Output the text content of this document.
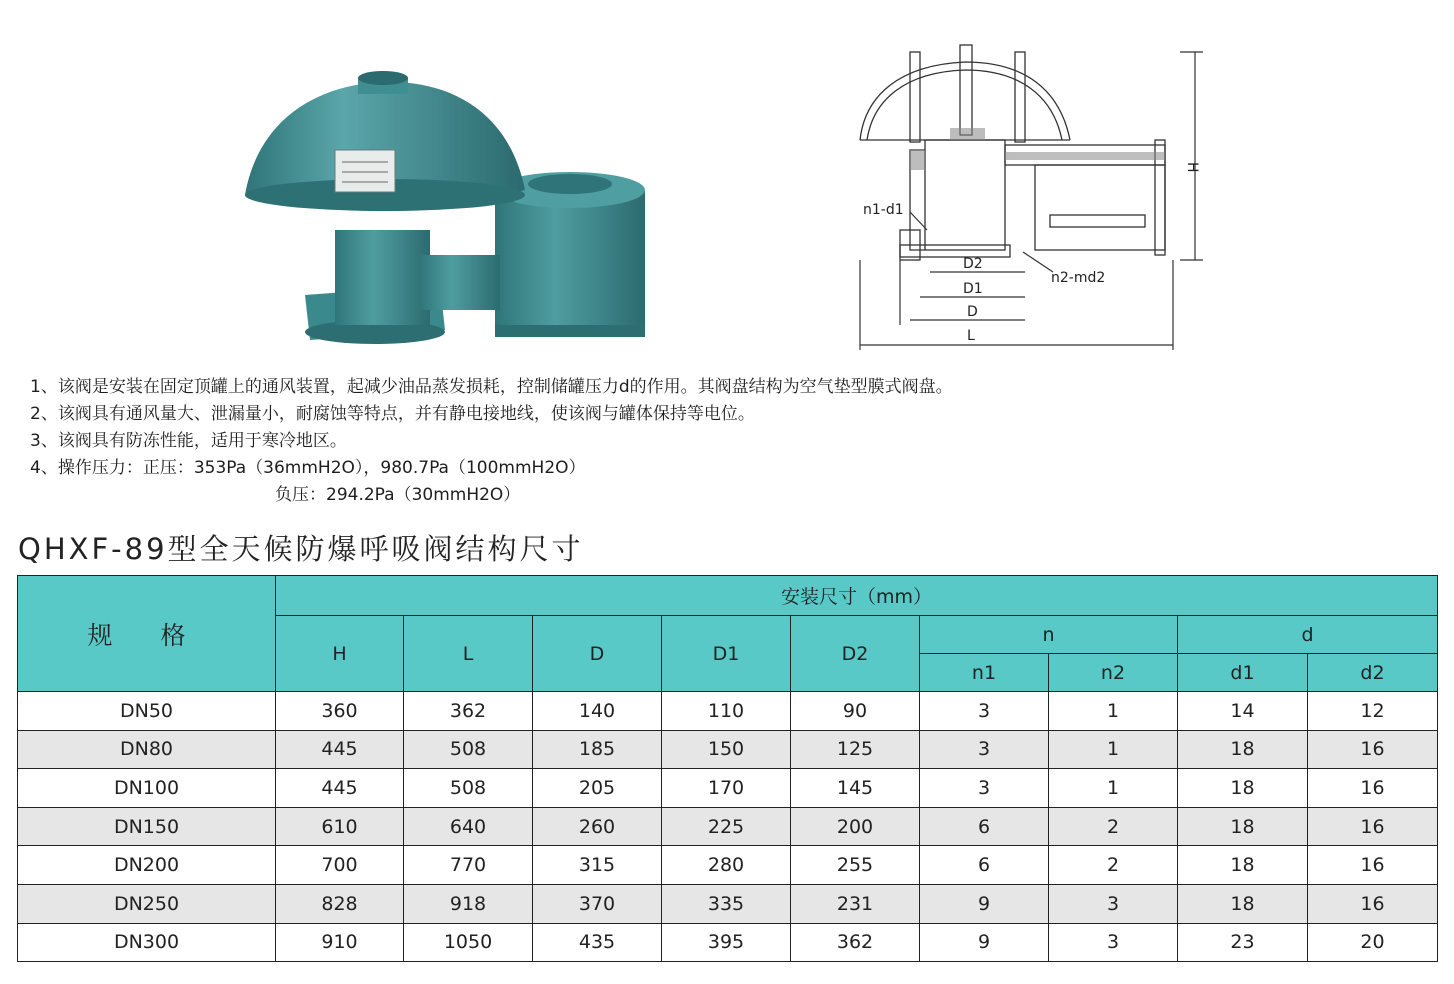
H
n1-d1
n2-md2
D2
D1
D
L
1、该阀是安装在固定顶罐上的通风装置，起减少油品蒸发损耗，控制储罐压力d的作用。其阀盘结构为空气垫型膜式阀盘。
2、该阀具有通风量大、泄漏量小，耐腐蚀等特点，并有静电接地线，使该阀与罐体保持等电位。
3、该阀具有防冻性能，适用于寒冷地区。
4、操作压力：正压：353Pa（36mmH2O），980.7Pa（100mmH2O）
负压：294.2Pa（30mmH2O）
QHXF-89型全天候防爆呼吸阀结构尺寸
规 格	安装尺寸（mm）								
	H	L	D	D1	D2	n		d	
						n1	n2	d1	d2
DN50	360	362	140	110	90	3	1	14	12
DN80	445	508	185	150	125	3	1	18	16
DN100	445	508	205	170	145	3	1	18	16
DN150	610	640	260	225	200	6	2	18	16
DN200	700	770	315	280	255	6	2	18	16
DN250	828	918	370	335	231	9	3	18	16
DN300	910	1050	435	395	362	9	3	23	20
